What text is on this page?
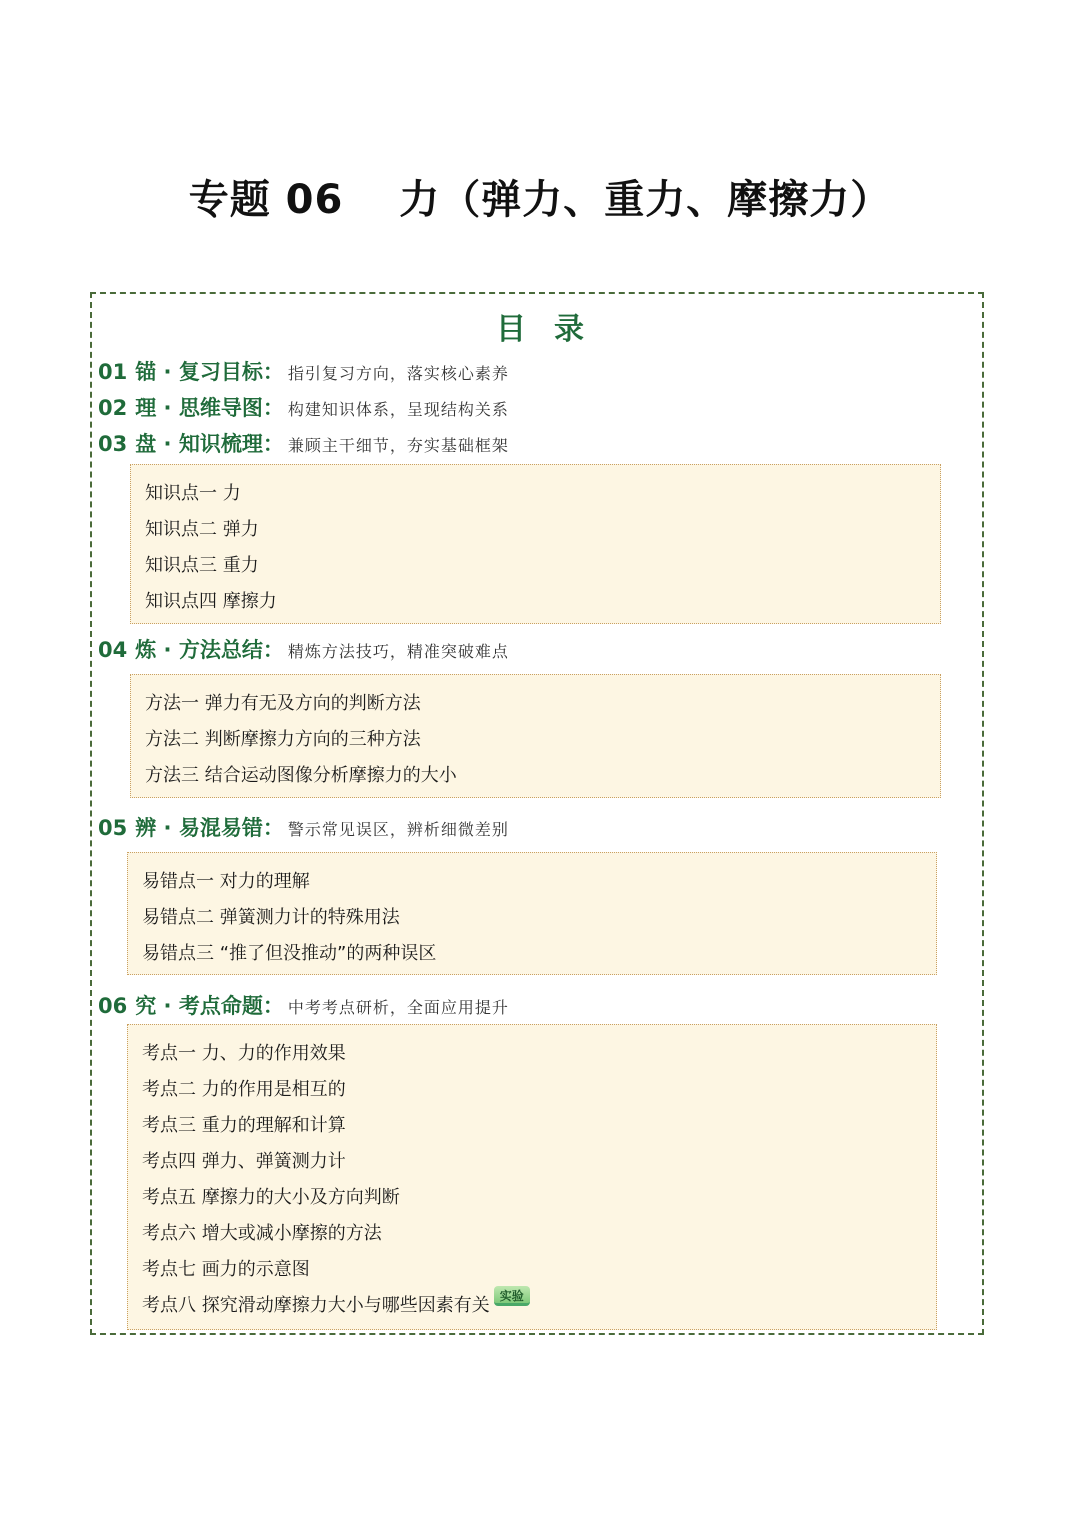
专题 06　 力（弹力、重力、摩擦力）
目录
01 锚 · 复习目标： 指引复习方向，落实核心素养
02 理 · 思维导图： 构建知识体系，呈现结构关系
03 盘 · 知识梳理： 兼顾主干细节，夯实基础框架
知识点一 力
知识点二 弹力
知识点三 重力
知识点四 摩擦力
04 炼 · 方法总结： 精炼方法技巧，精准突破难点
方法一 弹力有无及方向的判断方法
方法二 判断摩擦力方向的三种方法
方法三 结合运动图像分析摩擦力的大小
05 辨 · 易混易错： 警示常见误区，辨析细微差别
易错点一 对力的理解
易错点二 弹簧测力计的特殊用法
易错点三 “推了但没推动”的两种误区
06 究 · 考点命题： 中考考点研析，全面应用提升
考点一 力、力的作用效果
考点二 力的作用是相互的
考点三 重力的理解和计算
考点四 弹力、弹簧测力计
考点五 摩擦力的大小及方向判断
考点六 增大或减小摩擦的方法
考点七 画力的示意图
考点八 探究滑动摩擦力大小与哪些因素有关 实验
